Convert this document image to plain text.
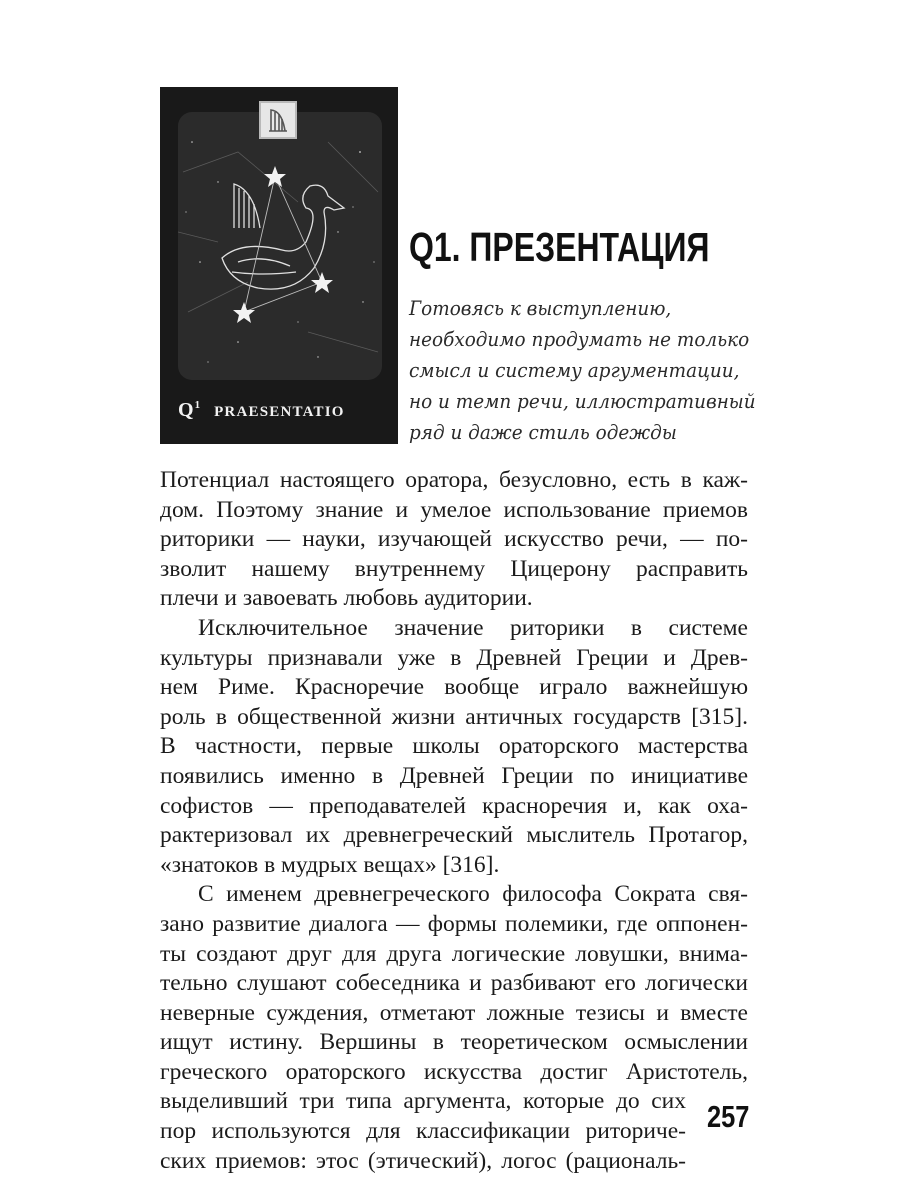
$Q^1$ PRAESENTATIO
Q1. ПРЕЗЕНТАЦИЯ
Готовясь к выступлению,
необходимо продумать не только
смысл и систему аргументации,
но и темп речи, иллюстративный
ряд и даже стиль одежды
Потенциал настоящего оратора, безусловно, есть в каж-
дом. Поэтому знание и умелое использование приемов
риторики — науки, изучающей искусство речи, — по-
зволит нашему внутреннему Цицерону расправить
плечи и завоевать любовь аудитории.
Исключительное значение риторики в системе
культуры признавали уже в Древней Греции и Древ-
нем Риме. Красноречие вообще играло важнейшую
роль в общественной жизни античных государств [315].
В частности, первые школы ораторского мастерства
появились именно в Древней Греции по инициативе
софистов — преподавателей красноречия и, как оха-
рактеризовал их древнегреческий мыслитель Протагор,
«знатоков в мудрых вещах» [316].
С именем древнегреческого философа Сократа свя-
зано развитие диалога — формы полемики, где оппонен-
ты создают друг для друга логические ловушки, внима-
тельно слушают собеседника и разбивают его логически
неверные суждения, отметают ложные тезисы и вместе
ищут истину. Вершины в теоретическом осмыслении
греческого ораторского искусства достиг Аристотель,
выделивший три типа аргумента, которые до сих
пор используются для классификации риториче-
ских приемов: этос (этический), логос (рациональ-
257
